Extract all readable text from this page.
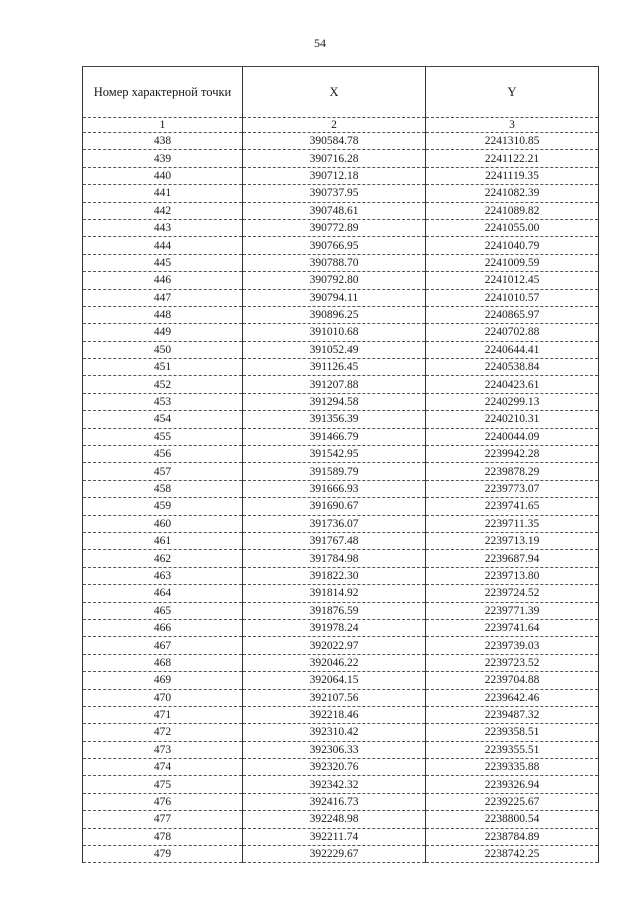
54
Номер характерной точки	X	Y
1	2	3
438	390584.78	2241310.85
439	390716.28	2241122.21
440	390712.18	2241119.35
441	390737.95	2241082.39
442	390748.61	2241089.82
443	390772.89	2241055.00
444	390766.95	2241040.79
445	390788.70	2241009.59
446	390792.80	2241012.45
447	390794.11	2241010.57
448	390896.25	2240865.97
449	391010.68	2240702.88
450	391052.49	2240644.41
451	391126.45	2240538.84
452	391207.88	2240423.61
453	391294.58	2240299.13
454	391356.39	2240210.31
455	391466.79	2240044.09
456	391542.95	2239942.28
457	391589.79	2239878.29
458	391666.93	2239773.07
459	391690.67	2239741.65
460	391736.07	2239711.35
461	391767.48	2239713.19
462	391784.98	2239687.94
463	391822.30	2239713.80
464	391814.92	2239724.52
465	391876.59	2239771.39
466	391978.24	2239741.64
467	392022.97	2239739.03
468	392046.22	2239723.52
469	392064.15	2239704.88
470	392107.56	2239642.46
471	392218.46	2239487.32
472	392310.42	2239358.51
473	392306.33	2239355.51
474	392320.76	2239335.88
475	392342.32	2239326.94
476	392416.73	2239225.67
477	392248.98	2238800.54
478	392211.74	2238784.89
479	392229.67	2238742.25
